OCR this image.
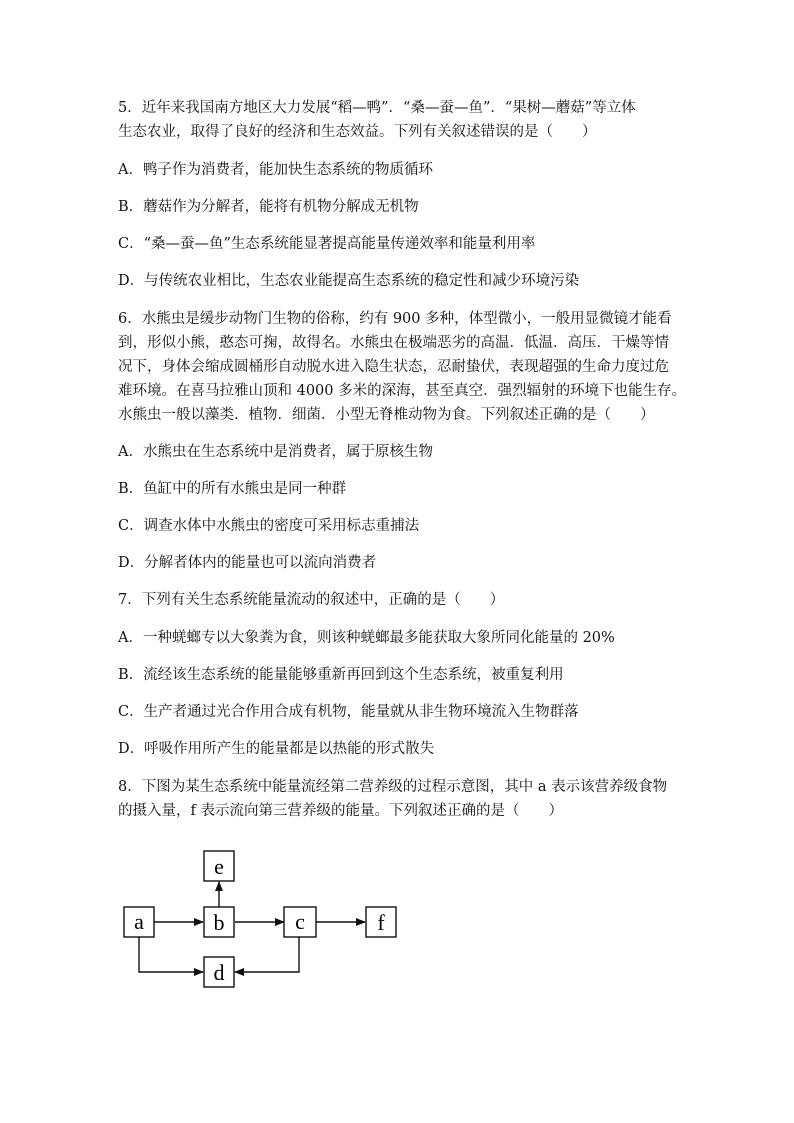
5．近年来我国南方地区大力发展“稻—鸭”．“桑—蚕—鱼”．“果树—蘑菇”等立体
生态农业，取得了良好的经济和生态效益。下列有关叙述错误的是（　　）
A．鸭子作为消费者，能加快生态系统的物质循环
B．蘑菇作为分解者，能将有机物分解成无机物
C．“桑—蚕—鱼”生态系统能显著提高能量传递效率和能量利用率
D．与传统农业相比，生态农业能提高生态系统的稳定性和减少环境污染
6．水熊虫是缓步动物门生物的俗称，约有 900 多种，体型微小，一般用显微镜才能看
到，形似小熊，憨态可掬，故得名。水熊虫在极端恶劣的高温．低温．高压．干燥等情
况下，身体会缩成圆桶形自动脱水进入隐生状态，忍耐蛰伏，表现超强的生命力度过危
难环境。在喜马拉雅山顶和 4000 多米的深海，甚至真空．强烈辐射的环境下也能生存。
水熊虫一般以藻类．植物．细菌．小型无脊椎动物为食。下列叙述正确的是（　　）
A．水熊虫在生态系统中是消费者，属于原核生物
B．鱼缸中的所有水熊虫是同一种群
C．调查水体中水熊虫的密度可采用标志重捕法
D．分解者体内的能量也可以流向消费者
7．下列有关生态系统能量流动的叙述中，正确的是（　　）
A．一种蜣螂专以大象粪为食，则该种蜣螂最多能获取大象所同化能量的 20%
B．流经该生态系统的能量能够重新再回到这个生态系统，被重复利用
C．生产者通过光合作用合成有机物，能量就从非生物环境流入生物群落
D．呼吸作用所产生的能量都是以热能的形式散失
8．下图为某生态系统中能量流经第二营养级的过程示意图，其中 a 表示该营养级食物
的摄入量，f 表示流向第三营养级的能量。下列叙述正确的是（　　）
e
a	b	c	f
d
